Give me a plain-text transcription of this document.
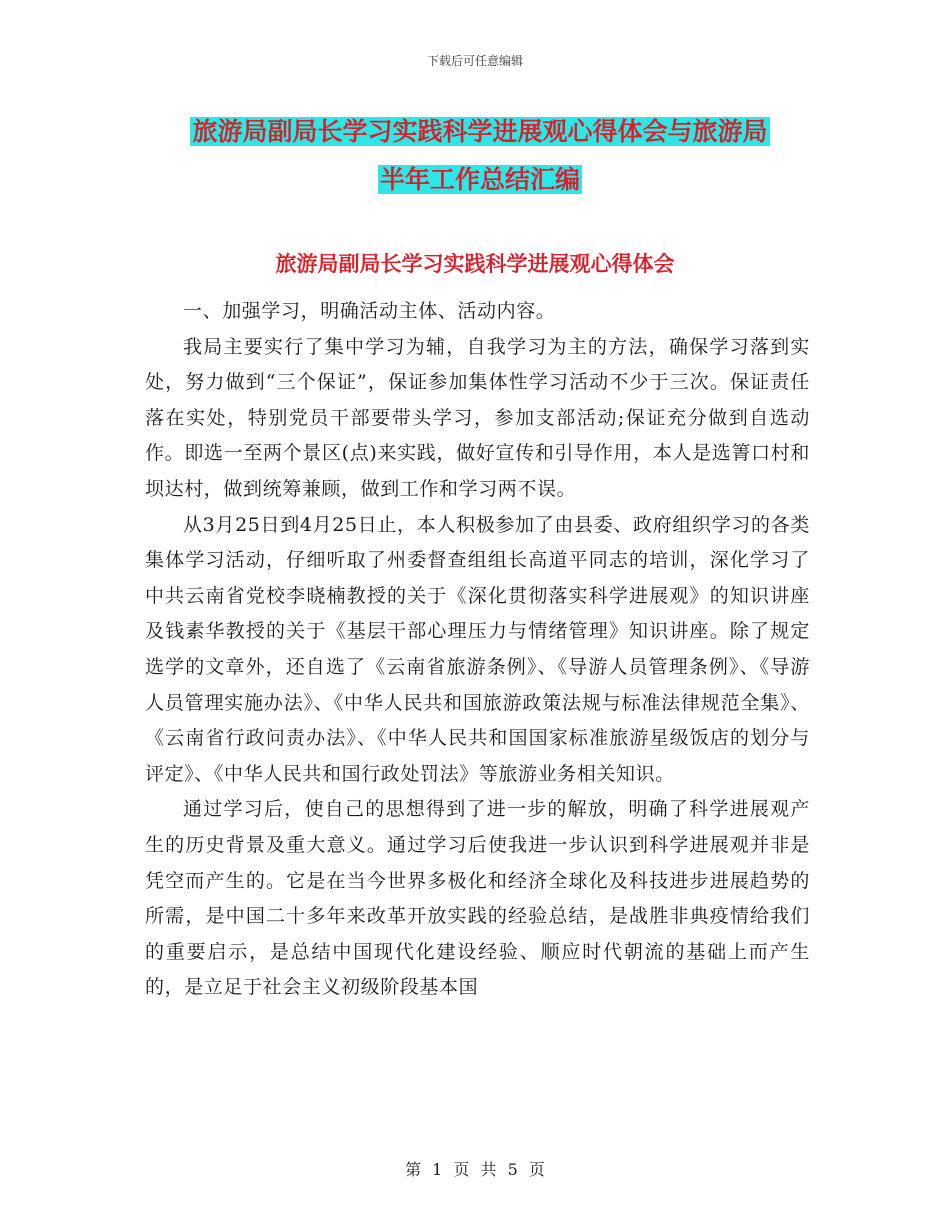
下载后可任意编辑
旅游局副局长学习实践科学进展观心得体会与旅游局
半年工作总结汇编
旅游局副局长学习实践科学进展观心得体会

一、加强学习，明确活动主体、活动内容。

我局主要实行了集中学习为辅，自我学习为主的方法，确保学习落到实处，努力做到“三个保证”，保证参加集体性学习活动不少于三次。保证责任落在实处，特别党员干部要带头学习，参加支部活动;保证充分做到自选动作。即选一至两个景区(点)来实践，做好宣传和引导作用，本人是选箐口村和坝达村，做到统筹兼顾，做到工作和学习两不误。

从3月25日到4月25日止，本人积极参加了由县委、政府组织学习的各类集体学习活动，仔细听取了州委督查组组长高道平同志的培训，深化学习了中共云南省党校李晓楠教授的关于《深化贯彻落实科学进展观》的知识讲座及钱素华教授的关于《基层干部心理压力与情绪管理》知识讲座。除了规定选学的文章外，还自选了《云南省旅游条例》、《导游人员管理条例》、《导游人员管理实施办法》、《中华人民共和国旅游政策法规与标准法律规范全集》、《云南省行政问责办法》、《中华人民共和国国家标准旅游星级饭店的划分与评定》、《中华人民共和国行政处罚法》等旅游业务相关知识。

通过学习后，使自己的思想得到了进一步的解放，明确了科学进展观产生的历史背景及重大意义。通过学习后使我进一步认识到科学进展观并非是凭空而产生的。它是在当今世界多极化和经济全球化及科技进步进展趋势的所需，是中国二十多年来改革开放实践的经验总结，是战胜非典疫情给我们的重要启示，是总结中国现代化建设经验、顺应时代朝流的基础上而产生的，是立足于社会主义初级阶段基本国

第 1 页 共 5 页
